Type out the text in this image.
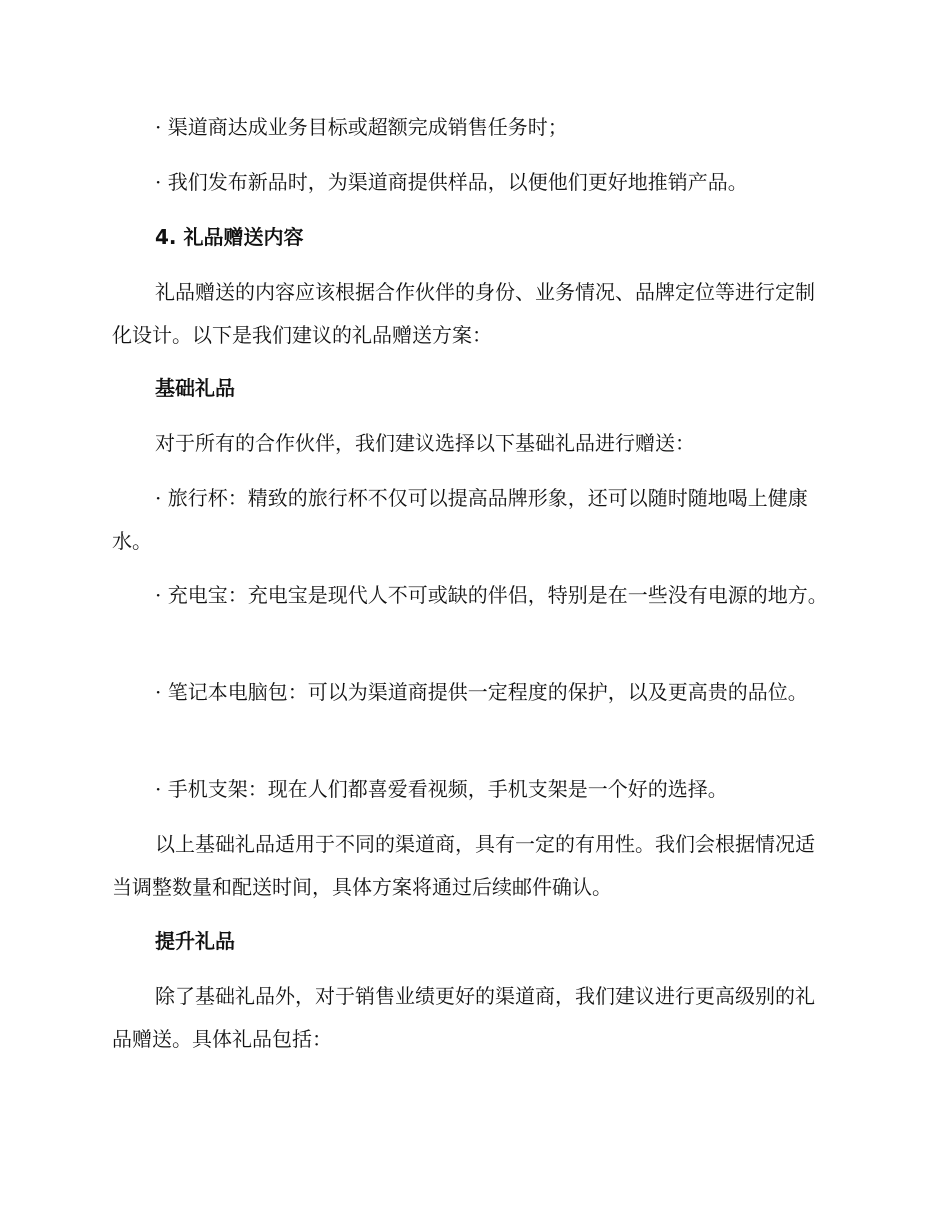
· 渠道商达成业务目标或超额完成销售任务时；

· 我们发布新品时，为渠道商提供样品，以便他们更好地推销产品。

4. 礼品赠送内容

礼品赠送的内容应该根据合作伙伴的身份、业务情况、品牌定位等进行定制化设计。以下是我们建议的礼品赠送方案：

基础礼品

对于所有的合作伙伴，我们建议选择以下基础礼品进行赠送：

· 旅行杯：精致的旅行杯不仅可以提高品牌形象，还可以随时随地喝上健康水。

· 充电宝：充电宝是现代人不可或缺的伴侣，特别是在一些没有电源的地方。

· 笔记本电脑包：可以为渠道商提供一定程度的保护，以及更高贵的品位。

· 手机支架：现在人们都喜爱看视频，手机支架是一个好的选择。

以上基础礼品适用于不同的渠道商，具有一定的有用性。我们会根据情况适当调整数量和配送时间，具体方案将通过后续邮件确认。

提升礼品

除了基础礼品外，对于销售业绩更好的渠道商，我们建议进行更高级别的礼品赠送。具体礼品包括：
